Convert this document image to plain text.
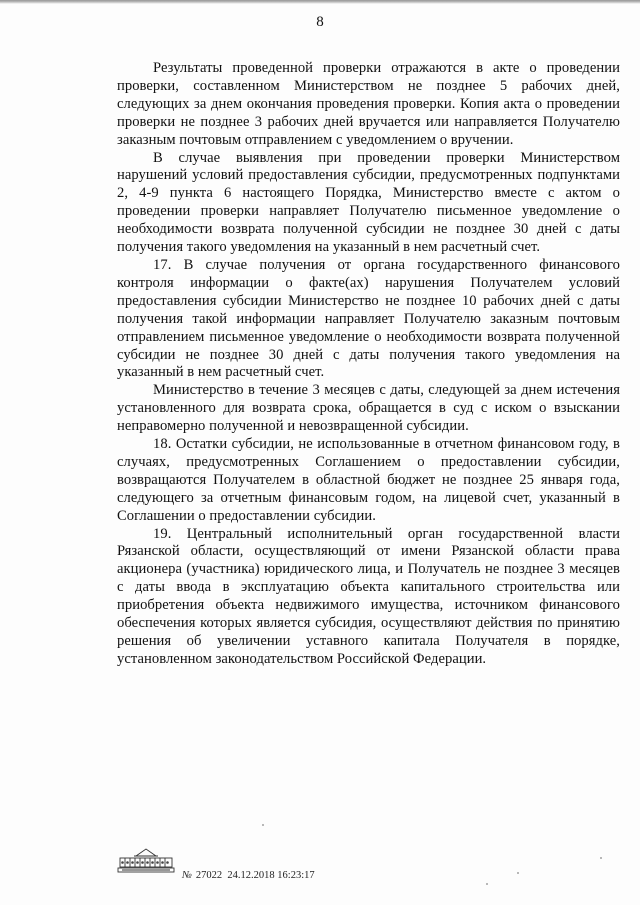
8

Результаты проведенной проверки отражаются в акте о проведении проверки, составленном Министерством не позднее 5 рабочих дней, следующих за днем окончания проведения проверки. Копия акта о проведении проверки не позднее 3 рабочих дней вручается или направляется Получателю заказным почтовым отправлением с уведомлением о вручении.

В случае выявления при проведении проверки Министерством нарушений условий предоставления субсидии, предусмотренных подпунктами 2, 4-9 пункта 6 настоящего Порядка, Министерство вместе с актом о проведении проверки направляет Получателю письменное уведомление о необходимости возврата полученной субсидии не позднее 30 дней с даты получения такого уведомления на указанный в нем расчетный счет.

17. В случае получения от органа государственного финансового контроля информации о факте(ах) нарушения Получателем условий предоставления субсидии Министерство не позднее 10 рабочих дней с даты получения такой информации направляет Получателю заказным почтовым отправлением письменное уведомление о необходимости возврата полученной субсидии не позднее 30 дней с даты получения такого уведомления на указанный в нем расчетный счет.

Министерство в течение 3 месяцев с даты, следующей за днем истечения установленного для возврата срока, обращается в суд с иском о взыскании неправомерно полученной и невозвращенной субсидии.

18. Остатки субсидии, не использованные в отчетном финансовом году, в случаях, предусмотренных Соглашением о предоставлении субсидии, возвращаются Получателем в областной бюджет не позднее 25 января года, следующего за отчетным финансовым годом, на лицевой счет, указанный в Соглашении о предоставлении субсидии.

19. Центральный исполнительный орган государственной власти Рязанской области, осуществляющий от имени Рязанской области права акционера (участника) юридического лица, и Получатель не позднее 3 месяцев с даты ввода в эксплуатацию объекта капитального строительства или приобретения объекта недвижимого имущества, источником финансового обеспечения которых является субсидия, осуществляют действия по принятию решения об увеличении уставного капитала Получателя в порядке, установленном законодательством Российской Федерации.

№ 27022  24.12.2018 16:23:17
